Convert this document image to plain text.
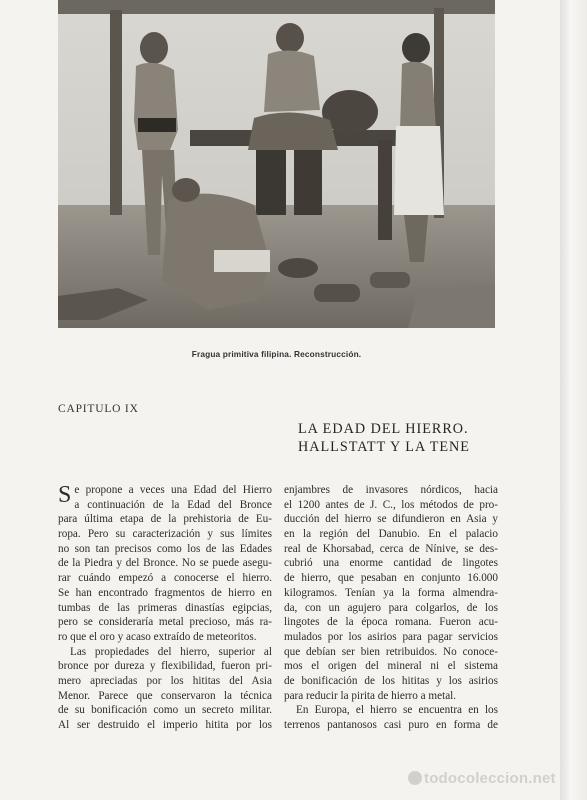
Fragua primitiva filipina. Reconstrucción.
CAPITULO IX
LA EDAD DEL HIERRO.
HALLSTATT Y LA TENE
S e propone a veces una Edad del Hierro
a continuación de la Edad del Bronce
para última etapa de la prehistoria de Eu-
ropa. Pero su caracterización y sus límites
no son tan precisos como los de las Edades
de la Piedra y del Bronce. No se puede asegu-
rar cuándo empezó a conocerse el hierro.
Se han encontrado fragmentos de hierro en
tumbas de las primeras dinastías egipcias,
pero se consideraría metal precioso, más ra-
ro que el oro y acaso extraído de meteoritos.
Las propiedades del hierro, superior al
bronce por dureza y flexibilidad, fueron pri-
mero apreciadas por los hititas del Asia
Menor. Parece que conservaron la técnica
de su bonificación como un secreto militar.
Al ser destruido el imperio hitita por los
enjambres de invasores nórdicos, hacia
el 1200 antes de J. C., los métodos de pro-
ducción del hierro se difundieron en Asia y
en la región del Danubio. En el palacio
real de Khorsabad, cerca de Nínive, se des-
cubrió una enorme cantidad de lingotes
de hierro, que pesaban en conjunto 16.000
kilogramos. Tenían ya la forma almendra-
da, con un agujero para colgarlos, de los
lingotes de la época romana. Fueron acu-
mulados por los asirios para pagar servicios
que debían ser bien retribuidos. No conoce-
mos el origen del mineral ni el sistema
de bonificación de los hititas y los asirios
para reducir la pirita de hierro a metal.
En Europa, el hierro se encuentra en los
terrenos pantanosos casi puro en forma de
todocoleccion.net
